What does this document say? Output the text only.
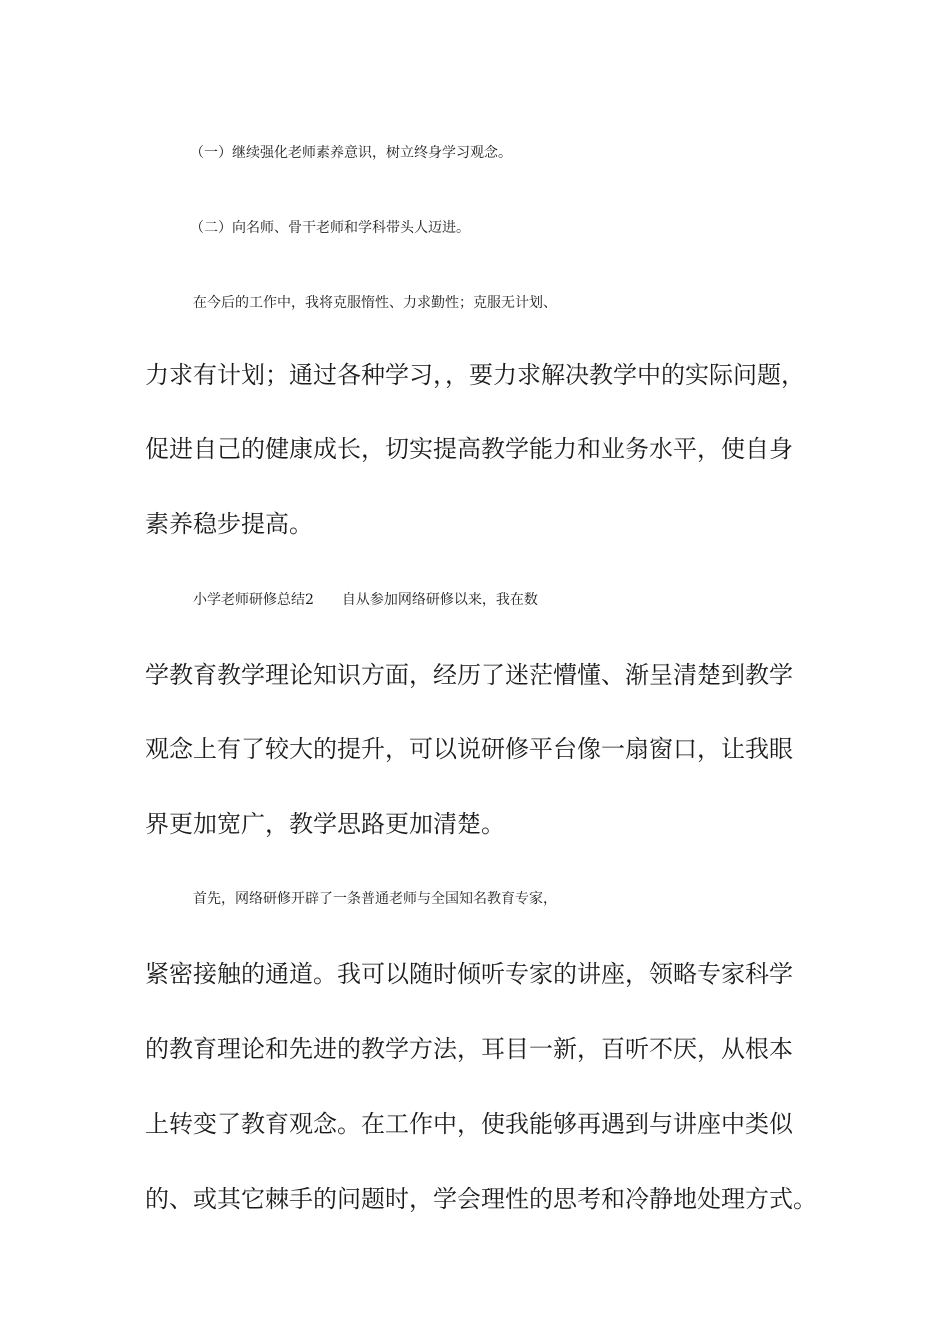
（一）继续强化老师素养意识，树立终身学习观念。
（二）向名师、骨干老师和学科带头人迈进。
在今后的工作中，我将克服惰性、力求勤性；克服无计划、
力求有计划；通过各种学习，，要力求解决教学中的实际问题，
促进自己的健康成长，切实提高教学能力和业务水平，使自身
素养稳步提高。
小学老师研修总结2　　自从参加网络研修以来，我在数
学教育教学理论知识方面，经历了迷茫懵懂、渐呈清楚到教学
观念上有了较大的提升，可以说研修平台像一扇窗口，让我眼
界更加宽广，教学思路更加清楚。
首先，网络研修开辟了一条普通老师与全国知名教育专家，
紧密接触的通道。我可以随时倾听专家的讲座，领略专家科学
的教育理论和先进的教学方法，耳目一新，百听不厌，从根本
上转变了教育观念。在工作中，使我能够再遇到与讲座中类似
的、或其它棘手的问题时，学会理性的思考和冷静地处理方式。
